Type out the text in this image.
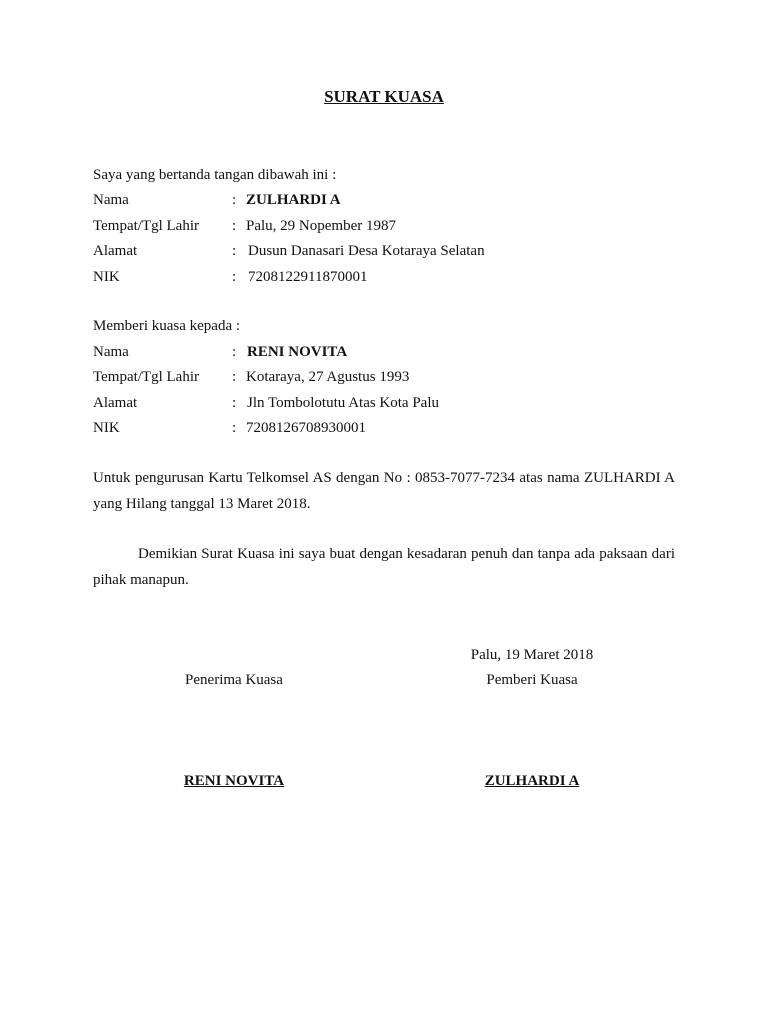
SURAT KUASA
Saya yang bertanda tangan dibawah ini :
Nama	: ZULHARDI A
Tempat/Tgl Lahir : Palu, 29 Nopember 1987
Alamat	: Dusun Danasari Desa Kotaraya Selatan
NIK	: 7208122911870001
Memberi kuasa kepada :
Nama	: RENI NOVITA
Tempat/Tgl Lahir : Kotaraya, 27 Agustus 1993
Alamat	: Jln Tombolotutu Atas Kota Palu
NIK	: 7208126708930001
Untuk pengurusan Kartu Telkomsel AS dengan No : 0853-7077-7234 atas nama ZULHARDI A yang Hilang tanggal 13 Maret 2018.
Demikian Surat Kuasa ini saya buat dengan kesadaran penuh dan tanpa ada paksaan dari pihak manapun.
Palu, 19 Maret 2018
Penerima Kuasa	Pemberi Kuasa
RENI NOVITA	ZULHARDI A
